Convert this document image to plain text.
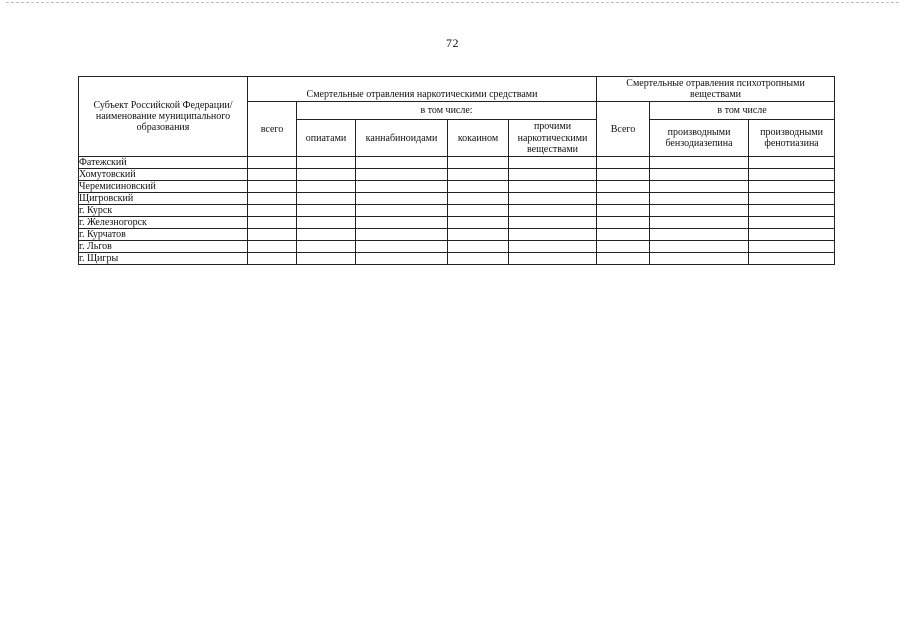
72
Субъект Российской Федерации/ наименование муниципального образования	Смертельные отравления наркотическими средствами					Смертельные отравления психотропными веществами		
	всего	в том числе:				Всего	в том числе	
		опиатами	каннабиноидами	кокаином	прочими наркотическими веществами		производными бензодиазепина	производными фенотиазина
Фатежский								
Хомутовский								
Черемисиновский								
Щигровский								
г. Курск								
г. Железногорск								
г. Курчатов								
г. Льгов								
г. Щигры								
